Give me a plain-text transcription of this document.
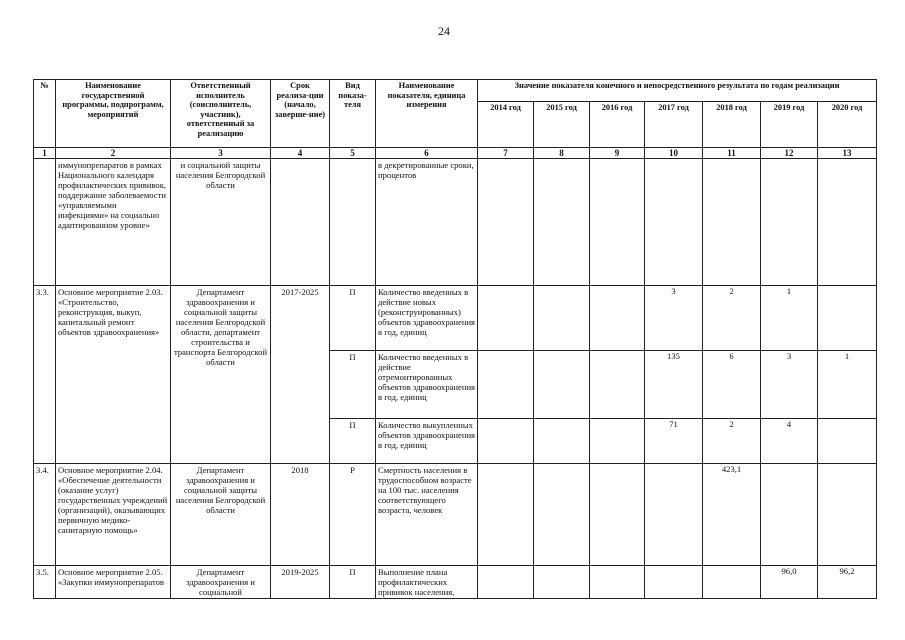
24
№	Наименование государственной программы, подпрограмм, мероприятий	Ответственный исполнитель (соисполнитель, участник), ответственный за реализацию	Срок реализа-ции (начало, заверше-ние)	Вид показа-теля	Наименование показателя, единица измерения	Значение показателя конечного и непосредственного результата по годам реализации						
						2014 год	2015 год	2016 год	2017 год	2018 год	2019 год	2020 год
1	2	3	4	5	6	7	8	9	10	11	12	13
	иммунопрепаратов в рамках Национального календаря профилактических прививок, поддержание заболеваемости «управляемыми инфекциями» на социально адаптированном уровне»	и социальной защиты населения Белгородской области			в декретированные сроки, процентов							
3.3.	Основное мероприятие 2.03. «Строительство, реконструкция, выкуп, капитальный ремонт объектов здравоохранения»	Департамент здравоохранения и социальной защиты населения Белгородской области, департамент строительства и транспорта Белгородской области	2017-2025	П	Количество введенных в действие новых (реконструированных) объектов здравоохранения в год, единиц				3	2	1	
				П	Количество введенных в действие отремонтированных объектов здравоохранения в год, единиц				135	6	3	1
				П	Количество выкупленных объектов здравоохранения в год, единиц				71	2	4	
3.4.	Основное мероприятие 2.04. «Обеспечение деятельности (оказание услуг) государственных учреждений (организаций), оказывающих первичную медико-санитарную помощь»	Департамент здравоохранения и социальной защиты населения Белгородской области	2018	Р	Смертность населения в трудоспособном возрасте на 100 тыс. населения соответствующего возраста, человек					423,1		
3.5.	Основное мероприятие 2.05. «Закупки иммунопрепаратов	Департамент здравоохранения и социальной	2019-2025	П	Выполнение плана профилактических прививок населения,						96,0	96,2
